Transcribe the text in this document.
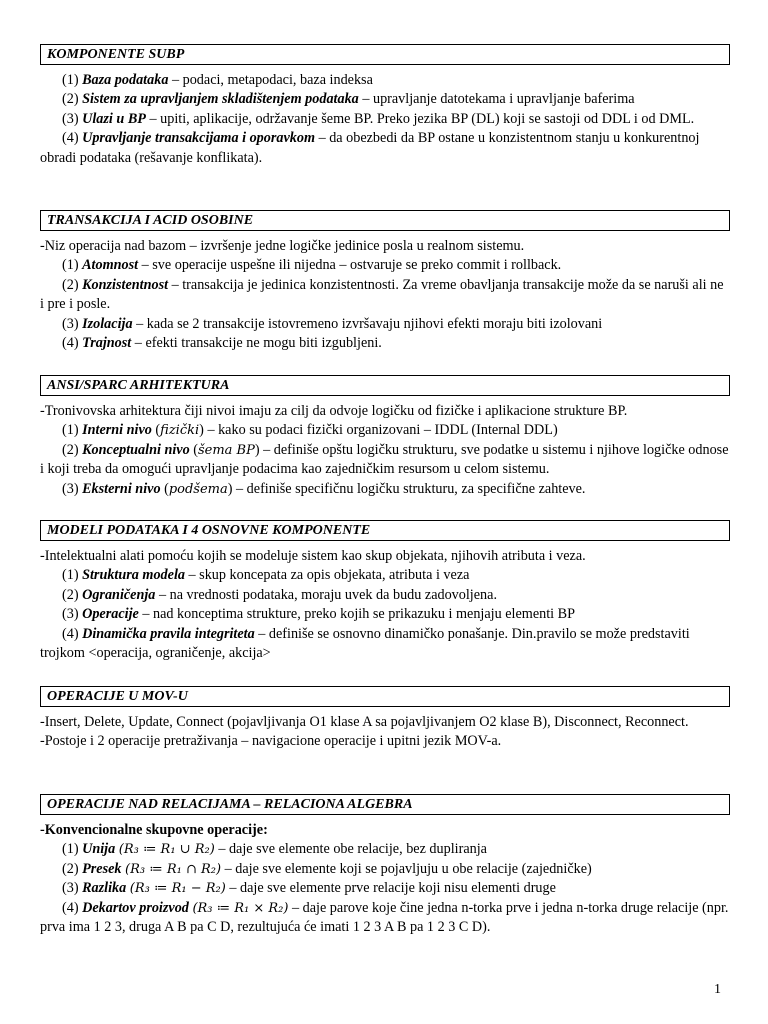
KOMPONENTE SUBP

(1) Baza podataka – podaci, metapodaci, baza indeksa

(2) Sistem za upravljanjem skladištenjem podataka – upravljanje datotekama i upravljanje baferima

(3) Ulazi u BP – upiti, aplikacije, održavanje šeme BP. Preko jezika BP (DL) koji se sastoji od DDL i od DML.

(4) Upravljanje transakcijama i oporavkom – da obezbedi da BP ostane u konzistentnom stanju u konkurentnoj obradi podataka (rešavanje konflikata).

TRANSAKCIJA I ACID OSOBINE

-Niz operacija nad bazom – izvršenje jedne logičke jedinice posla u realnom sistemu.

(1) Atomnost – sve operacije uspešne ili nijedna – ostvaruje se preko commit i rollback.

(2) Konzistentnost – transakcija je jedinica konzistentnosti. Za vreme obavljanja transakcije može da se naruši ali ne i pre i posle.

(3) Izolacija – kada se 2 transakcije istovremeno izvršavaju njihovi efekti moraju biti izolovani

(4) Trajnost – efekti transakcije ne mogu biti izgubljeni.

ANSI/SPARC ARHITEKTURA

-Tronivovska arhitektura čiji nivoi imaju za cilj da odvoje logičku od fizičke i aplikacione strukture BP.

(1) Interni nivo (fizički) – kako su podaci fizički organizovani – IDDL (Internal DDL)

(2) Konceptualni nivo (šema BP) – definiše opštu logičku strukturu, sve podatke u sistemu i njihove logičke odnose i koji treba da omogući upravljanje podacima kao zajedničkim resursom u celom sistemu.

(3) Eksterni nivo (podšema) – definiše specifičnu logičku strukturu, za specifične zahteve.

MODELI PODATAKA I 4 OSNOVNE KOMPONENTE

-Intelektualni alati pomoću kojih se modeluje sistem kao skup objekata, njihovih atributa i veza.

(1) Struktura modela – skup koncepata za opis objekata, atributa i veza

(2) Ograničenja – na vrednosti podataka, moraju uvek da budu zadovoljena.

(3) Operacije – nad konceptima strukture, preko kojih se prikazuku i menjaju elementi BP

(4) Dinamička pravila integriteta – definiše se osnovno dinamičko ponašanje. Din.pravilo se može predstaviti trojkom <operacija, ograničenje, akcija>

OPERACIJE U MOV-U

-Insert, Delete, Update, Connect (pojavljivanja O1 klase A sa pojavljivanjem O2 klase B), Disconnect, Reconnect.

-Postoje i 2 operacije pretraživanja – navigacione operacije i upitni jezik MOV-a.

OPERACIJE NAD RELACIJAMA – RELACIONA ALGEBRA

-Konvencionalne skupovne operacije:

(1) Unija (R₃ ≔ R₁ ∪ R₂) – daje sve elemente obe relacije, bez dupliranja

(2) Presek (R₃ ≔ R₁ ∩ R₂) – daje sve elemente koji se pojavljuju u obe relacije (zajedničke)

(3) Razlika (R₃ ≔ R₁ − R₂) – daje sve elemente prve relacije koji nisu elementi druge

(4) Dekartov proizvod (R₃ ≔ R₁ × R₂) – daje parove koje čine jedna n-torka prve i jedna n-torka druge relacije (npr. prva ima 1 2 3, druga A B pa C D, rezultujuća će imati 1 2 3 A B pa 1 2 3 C D).

1
